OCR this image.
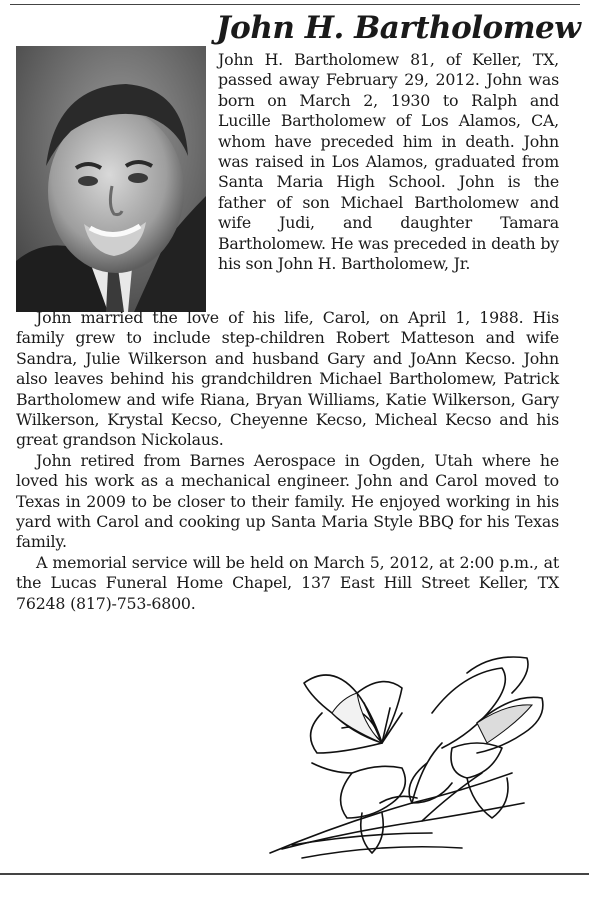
John H. Bartholomew

John H. Bartholomew 81, of Keller, TX, passed away February 29, 2012. John was born on March 2, 1930 to Ralph and Lucille Bartholomew of Los Alamos, CA, whom have preceded him in death. John was raised in Los Alamos, graduated from Santa Maria High School. John is the father of son Michael Bartholomew and wife Judi, and daughter Tamara Bartholomew. He was preceded in death by his son John H. Bartholomew, Jr.

John married the love of his life, Carol, on April 1, 1988. His family grew to include step-children Robert Matteson and wife Sandra, Julie Wilkerson and husband Gary and JoAnn Kecso. John also leaves behind his grandchildren Michael Bartholomew, Patrick Bartholomew and wife Riana, Bryan Williams, Katie Wilkerson, Gary Wilkerson, Krystal Kecso, Cheyenne Kecso, Micheal Kecso and his great grandson Nickolaus.

John retired from Barnes Aerospace in Ogden, Utah where he loved his work as a mechanical engineer. John and Carol moved to Texas in 2009 to be closer to their family. He enjoyed working in his yard with Carol and cooking up Santa Maria Style BBQ for his Texas family.

A memorial service will be held on March 5, 2012, at 2:00 p.m., at the Lucas Funeral Home Chapel, 137 East Hill Street Keller, TX 76248 (817)-753-6800.
